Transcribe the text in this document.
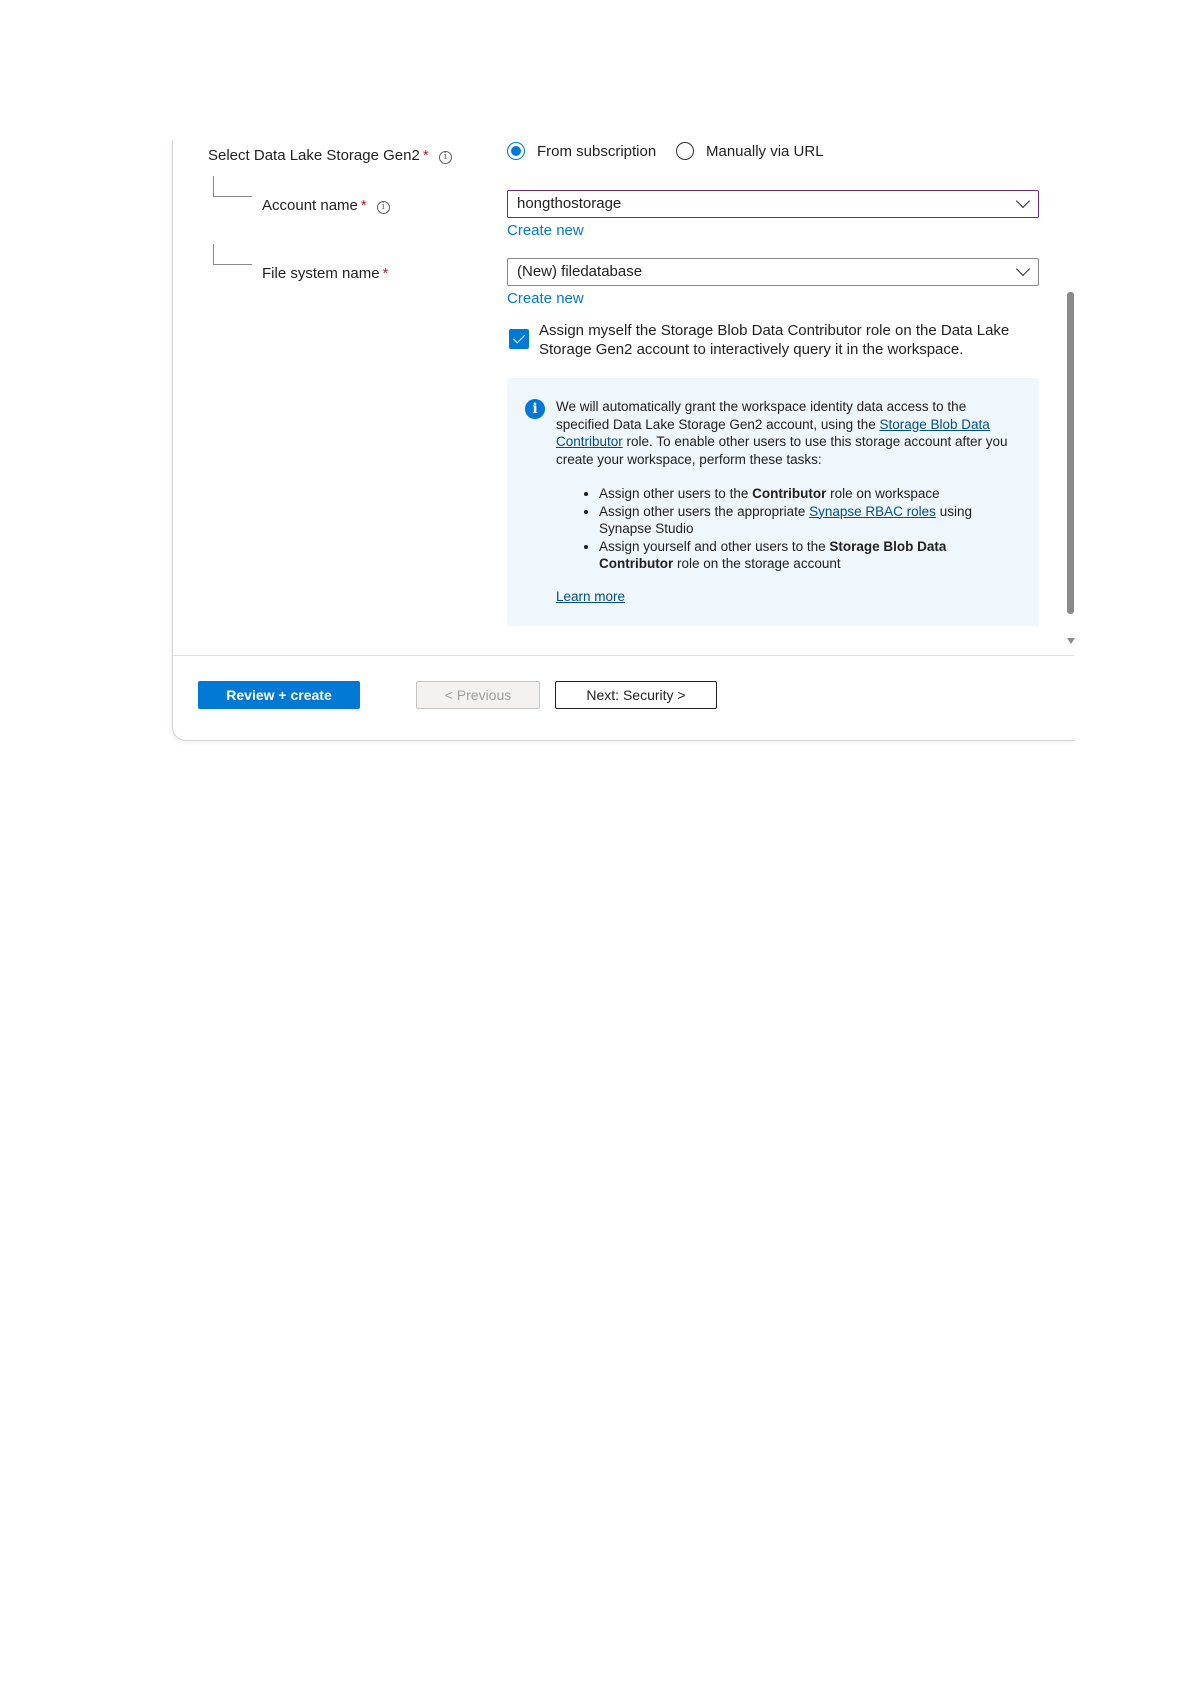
Select Data Lake Storage Gen2 * i	From subscription	Manually via URL
Account name * i	hongthostorage
Create new
File system name *	(New) filedatabase
Create new
Assign myself the Storage Blob Data Contributor role on the Data Lake Storage Gen2 account to interactively query it in the workspace.
i	We will automatically grant the workspace identity data access to the specified Data Lake Storage Gen2 account, using the Storage Blob Data Contributor role. To enable other users to use this storage account after you create your workspace, perform these tasks:
• Assign other users to the Contributor role on workspace
• Assign other users the appropriate Synapse RBAC roles using Synapse Studio
• Assign yourself and other users to the Storage Blob Data Contributor role on the storage account
Learn more
Review + create	< Previous	Next: Security >
